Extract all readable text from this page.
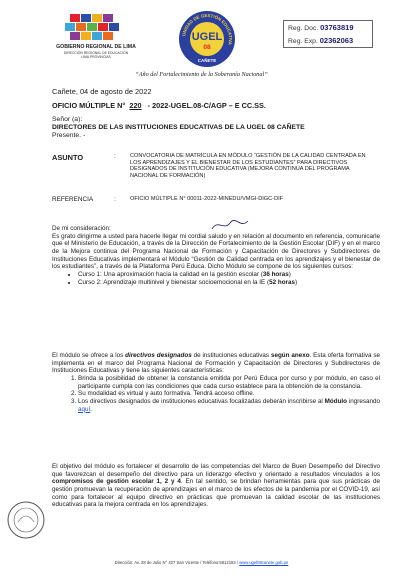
GOBIERNO REGIONAL DE LIMA
DIRECCIÓN REGIONAL DE EDUCACIÓN
LIMA PROVINCIAS
UNIDAD DE GESTIÓN EDUCATIVA
UGEL
08
CAÑETE
Reg. Doc. 03763819
Reg. Exp. 02362063
“Año del Fortalecimiento de la Soberanía Nacional”
Cañete, 04 de agosto de 2022
OFICIO MÚLTIPLE N° 220 - 2022-UGEL.08-C/AGP – E CC.SS.
Señor (a):
DIRECTORES DE LAS INSTITUCIONES EDUCATIVAS DE LA UGEL 08 CAÑETE
Presente. -
ASUNTO	:	CONVOCATORIA DE MATRÍCULA EN MÓDULO “GESTIÓN DE LA CALIDAD CENTRADA EN LOS APRENDIZAJES Y EL BIENESTAR DE LOS ESTUDIANTES” PARA DIRECTIVOS DESIGNADOS DE INSTITUCIÓN EDUCATIVA (MEJORA CONTINUA DEL PROGRAMA NACIONAL DE FORMACIÓN)
REFERENCIA	:	OFICIO MÚLTIPLE N° 00011-2022-MINEDU/VMGI-DIGC-DIF
De mi consideración:
Es grato dirigirme a usted para hacerle llegar mi cordial saludo y en relación al documento en referencia, comunicarle que el Ministerio de Educación, a través de la Dirección de Fortalecimiento de la Gestión Escolar (DIF) y en el marco de la Mejora continua del Programa Nacional de Formación y Capacitación de Directores y Subdirectores de Instituciones Educativas implementará el Módulo “Gestión de Calidad centrada en los aprendizajes y el bienestar de los estudiantes”, a través de la Plataforma Perú Educa. Dicho Módulo se compone de los siguientes cursos:
• Curso 1: Una aproximación hacia la calidad en la gestión escolar (36 horas)
• Curso 2: Aprendizaje multinivel y bienestar socioemocional en la IE (52 horas)
El módulo se ofrece a los directivos designados de instituciones educativas según anexo. Esta oferta formativa se implementa en el marco del Programa Nacional de Formación y Capacitación de Directores y Subdirectores de Instituciones Educativas y tiene las siguientes características:
1. Brinda la posibilidad de obtener la constancia emitida por Perú Educa por curso y por módulo, en caso el participante cumpla con las condiciones que cada curso establece para la obtención de la constancia.
2. Su modalidad es virtual y auto formativa. Tendrá acceso offline.
3. Los directivos designados de instituciones educativas focalizadas deberán inscribirse al Módulo ingresando aquí.
El objetivo del módulo es fortalecer el desarrollo de las competencias del Marco de Buen Desempeño del Directivo que favorezcan el desempeño del directivo para un liderazgo efectivo y orientado a resultados vinculados a los compromisos de gestión escolar 1, 2 y 4. En tal sentido, se brindan herramientas para que sus prácticas de gestión promuevan la recuperación de aprendizajes en el marco de los efectos de la pandemia por el COVID-19, así como para fortalecer al equipo directivo en prácticas que promuevan la calidad escolar de las instituciones educativas para la mejora centrada en los aprendizajes.
Dirección: Av. 28 de Julio N° 427 San Vicente / Teléfono:5812163 / www.ugel08canete.gob.pe
